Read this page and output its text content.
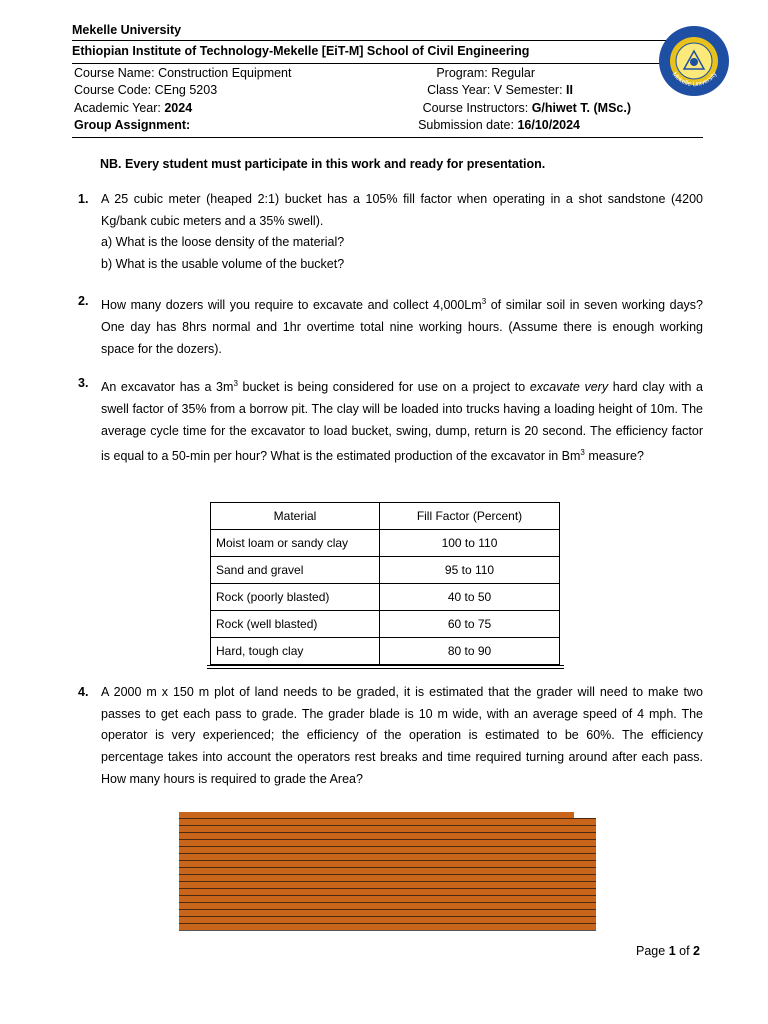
Mekelle University
Ethiopian Institute of Technology-Mekelle [EiT-M] School of Civil Engineering
Course Name: Construction Equipment	Program: Regular
Course Code: CEng 5203	Class Year: V Semester: II
Academic Year: 2024	Course Instructors: G/hiwet T. (MSc.)
Group Assignment:	Submission date: 16/10/2024
Mekelle University
NB. Every student must participate in this work and ready for presentation.
1. A 25 cubic meter (heaped 2:1) bucket has a 105% fill factor when operating in a shot sandstone (4200 Kg/bank cubic meters and a 35% swell).
a) What is the loose density of the material?
b) What is the usable volume of the bucket?
2. How many dozers will you require to excavate and collect 4,000Lm$^3$ of similar soil in seven working days? One day has 8hrs normal and 1hr overtime total nine working hours. (Assume there is enough working space for the dozers).
3. An excavator has a $3m^3$ bucket is being considered for use on a project to excavate very hard clay with a swell factor of 35% from a borrow pit. The clay will be loaded into trucks having a loading height of 10m. The average cycle time for the excavator to load bucket, swing, dump, return is 20 second. The efficiency factor is equal to a 50-min per hour? What is the estimated production of the excavator in Bm$^3$ measure?
Material	Fill Factor (Percent)
Moist loam or sandy clay	100 to 110
Sand and gravel	95 to 110
Rock (poorly blasted)	40 to 50
Rock (well blasted)	60 to 75
Hard, tough clay	80 to 90
4. A 2000 m x 150 m plot of land needs to be graded, it is estimated that the grader will need to make two passes to get each pass to grade. The grader blade is 10 m wide, with an average speed of 4 mph. The operator is very experienced; the efficiency of the operation is estimated to be 60%. The efficiency percentage takes into account the operators rest breaks and time required turning around after each pass. How many hours is required to grade the Area?
Page 1 of 2
